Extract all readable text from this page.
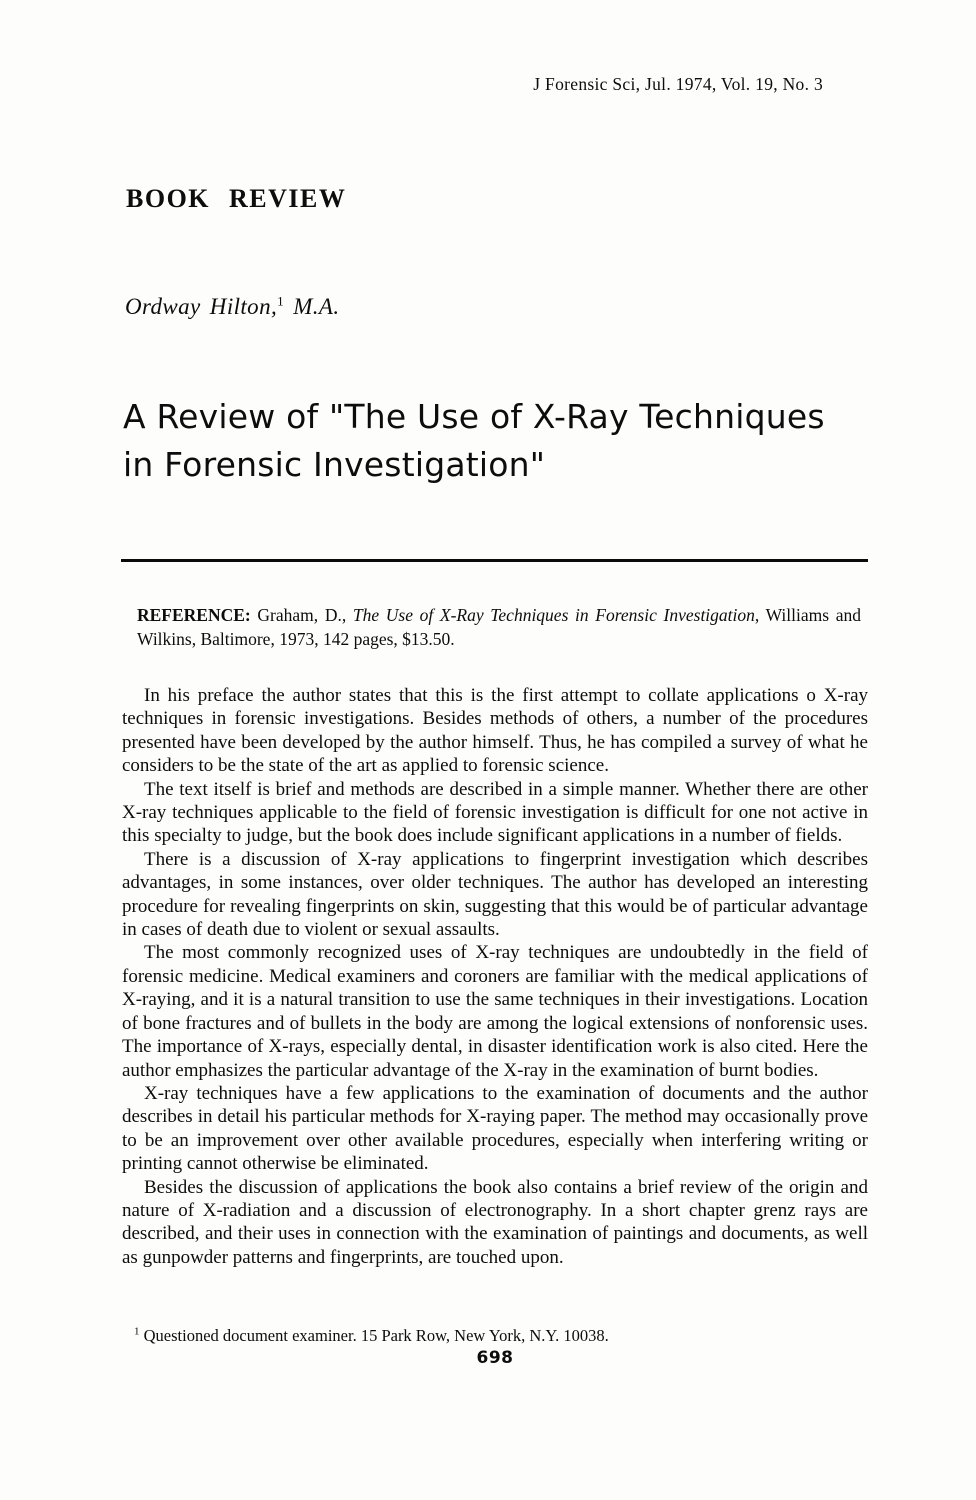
J Forensic Sci, Jul. 1974, Vol. 19, No. 3
BOOK REVIEW
Ordway Hilton,$^1$ M.A.
A Review of "The Use of X-Ray Techniques
in Forensic Investigation"
REFERENCE: Graham, D., The Use of X-Ray Techniques in Forensic Investigation, Williams and Wilkins, Baltimore, 1973, 142 pages, $13.50.

In his preface the author states that this is the first attempt to collate applications o X-ray techniques in forensic investigations. Besides methods of others, a number of the procedures presented have been developed by the author himself. Thus, he has compiled a survey of what he considers to be the state of the art as applied to forensic science.

The text itself is brief and methods are described in a simple manner. Whether there are other X-ray techniques applicable to the field of forensic investigation is difficult for one not active in this specialty to judge, but the book does include significant applications in a number of fields.

There is a discussion of X-ray applications to fingerprint investigation which describes advantages, in some instances, over older techniques. The author has developed an interesting procedure for revealing fingerprints on skin, suggesting that this would be of particular advantage in cases of death due to violent or sexual assaults.

The most commonly recognized uses of X-ray techniques are undoubtedly in the field of forensic medicine. Medical examiners and coroners are familiar with the medical applications of X-raying, and it is a natural transition to use the same techniques in their investigations. Location of bone fractures and of bullets in the body are among the logical extensions of nonforensic uses. The importance of X-rays, especially dental, in disaster identification work is also cited. Here the author emphasizes the particular advantage of the X-ray in the examination of burnt bodies.

X-ray techniques have a few applications to the examination of documents and the author describes in detail his particular methods for X-raying paper. The method may occasionally prove to be an improvement over other available procedures, especially when interfering writing or printing cannot otherwise be eliminated.

Besides the discussion of applications the book also contains a brief review of the origin and nature of X-radiation and a discussion of electronography. In a short chapter grenz rays are described, and their uses in connection with the examination of paintings and documents, as well as gunpowder patterns and fingerprints, are touched upon.

$^1$ Questioned document examiner. 15 Park Row, New York, N.Y. 10038.
698
